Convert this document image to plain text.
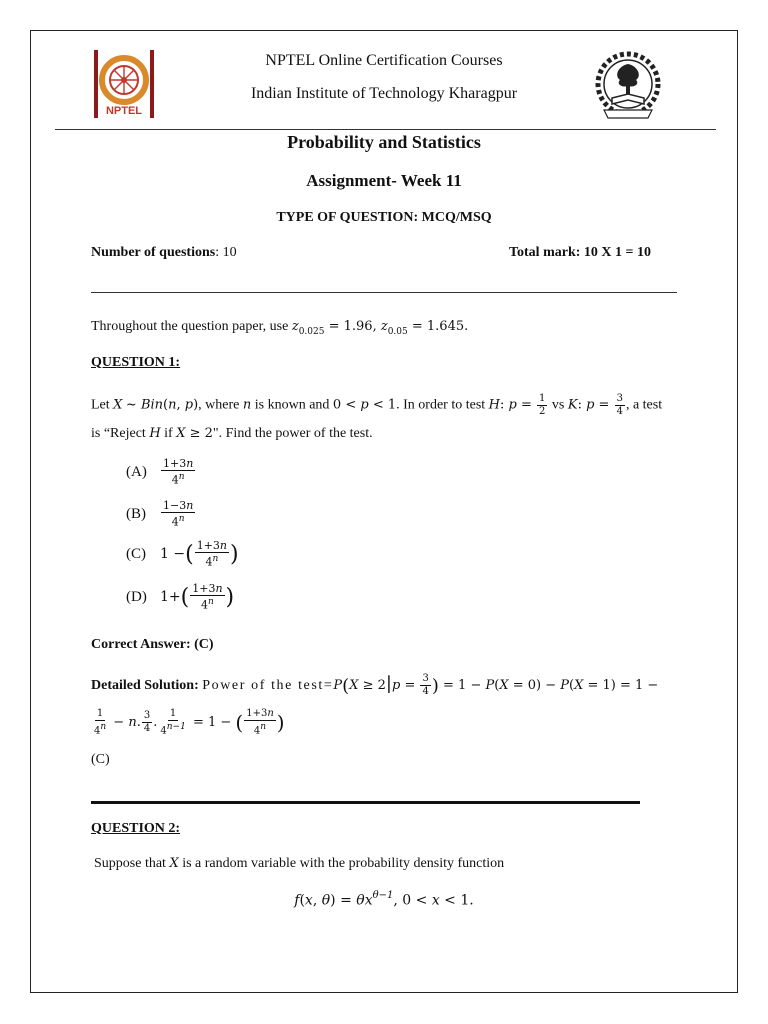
NPTEL
NPTEL Online Certification Courses
Indian Institute of Technology Kharagpur
Probability and Statistics
Assignment- Week 11
TYPE OF QUESTION: MCQ/MSQ
Number of questions: 10	Total mark: 10 X 1 = 10
Throughout the question paper, use $z_{0.025} = 1.96$, $z_{0.05} = 1.645$.
QUESTION 1:
Let X ~ Bin(n, p), where n is known and 0 < p < 1. In order to test H: $p = \frac{1}{2}$ vs K: $p = \frac{3}{4}$ , a test
is “Reject H if X ≥ 2". Find the power of the test.
(A)	$\frac{1+3n}{4^n}$
(B)	$\frac{1-3n}{4^n}$
(C)	1 − ( $\frac{1+3n}{4^n}$ )
(D) 1+ ( $\frac{1+3n}{4^n}$ )
Correct Answer: (C)
Detailed Solution: Power of the test=P(X ≥ $2|p = \frac{3}{4}$ ) = 1 − P(X = 0) − P(X = 1) = 1 −
$\frac{1}{4^n} - n$. $\frac{3}{4}$ . $\frac{1}{4^{n-1}} = 1$ − ( $\frac{1+3n}{4^n}$ )
(C)
QUESTION 2:
Suppose that X is a random variable with the probability density function
f(x, $\theta) = \theta x^{\theta-1}$, 0 < x < 1.
